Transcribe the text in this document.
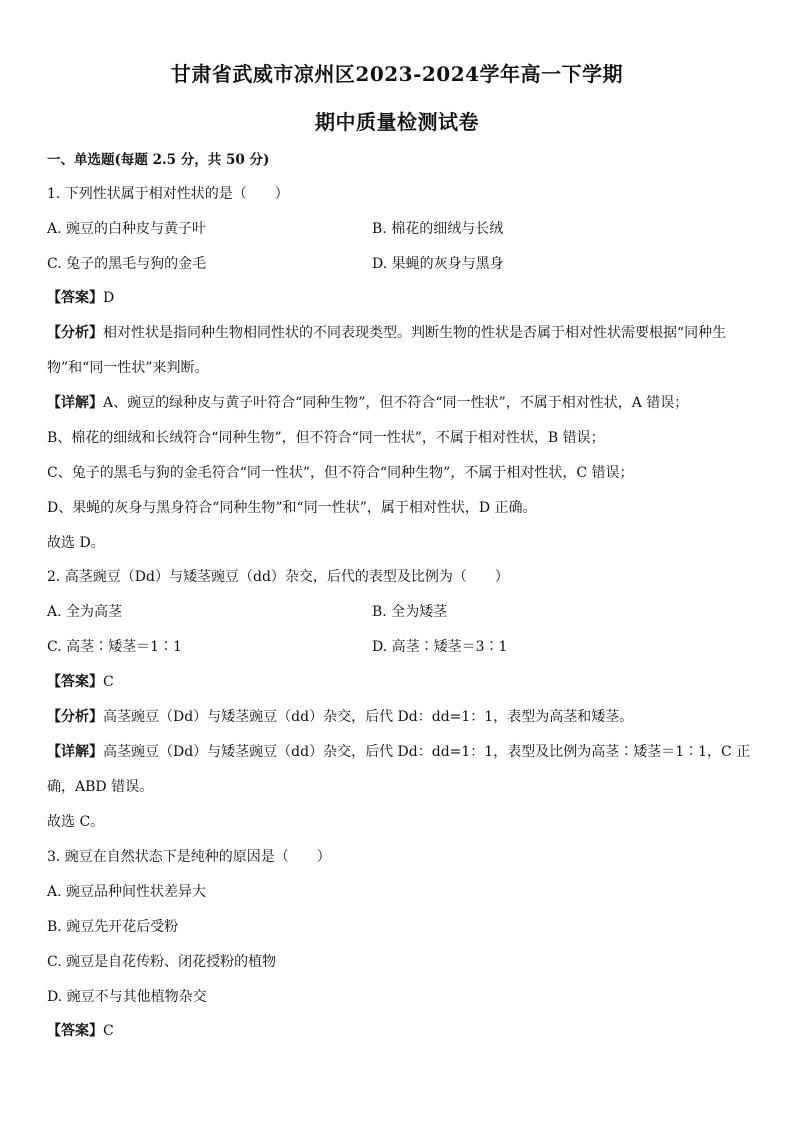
甘肃省武威市凉州区2023-2024学年高一下学期
期中质量检测试卷
一、单选题(每题 2.5 分，共 50 分)
1. 下列性状属于相对性状的是（　　）
A. 豌豆的白种皮与黄子叶	B. 棉花的细绒与长绒
C. 兔子的黑毛与狗的金毛	D. 果蝇的灰身与黑身
【答案】D
【分析】相对性状是指同种生物相同性状的不同表现类型。判断生物的性状是否属于相对性状需要根据“同种生
物”和“同一性状”来判断。
【详解】A、豌豆的绿种皮与黄子叶符合“同种生物”，但不符合“同一性状”，不属于相对性状，A 错误；
B、棉花的细绒和长绒符合“同种生物”，但不符合“同一性状”，不属于相对性状，B 错误；
C、兔子的黑毛与狗的金毛符合“同一性状”，但不符合“同种生物”，不属于相对性状，C 错误；
D、果蝇的灰身与黑身符合“同种生物”和“同一性状”，属于相对性状，D 正确。
故选 D。
2. 高茎豌豆（Dd）与矮茎豌豆（dd）杂交，后代的表型及比例为（　　）
A. 全为高茎	B. 全为矮茎
C. 高茎∶矮茎＝1∶1	D. 高茎∶矮茎＝3∶1
【答案】C
【分析】高茎豌豆（Dd）与矮茎豌豆（dd）杂交，后代 Dd：dd=1：1，表型为高茎和矮茎。
【详解】高茎豌豆（Dd）与矮茎豌豆（dd）杂交，后代 Dd：dd=1：1，表型及比例为高茎∶矮茎＝1∶1，C 正
确，ABD 错误。
故选 C。
3. 豌豆在自然状态下是纯种的原因是（　　）
A. 豌豆品种间性状差异大
B. 豌豆先开花后受粉
C. 豌豆是自花传粉、闭花授粉的植物
D. 豌豆不与其他植物杂交
【答案】C
